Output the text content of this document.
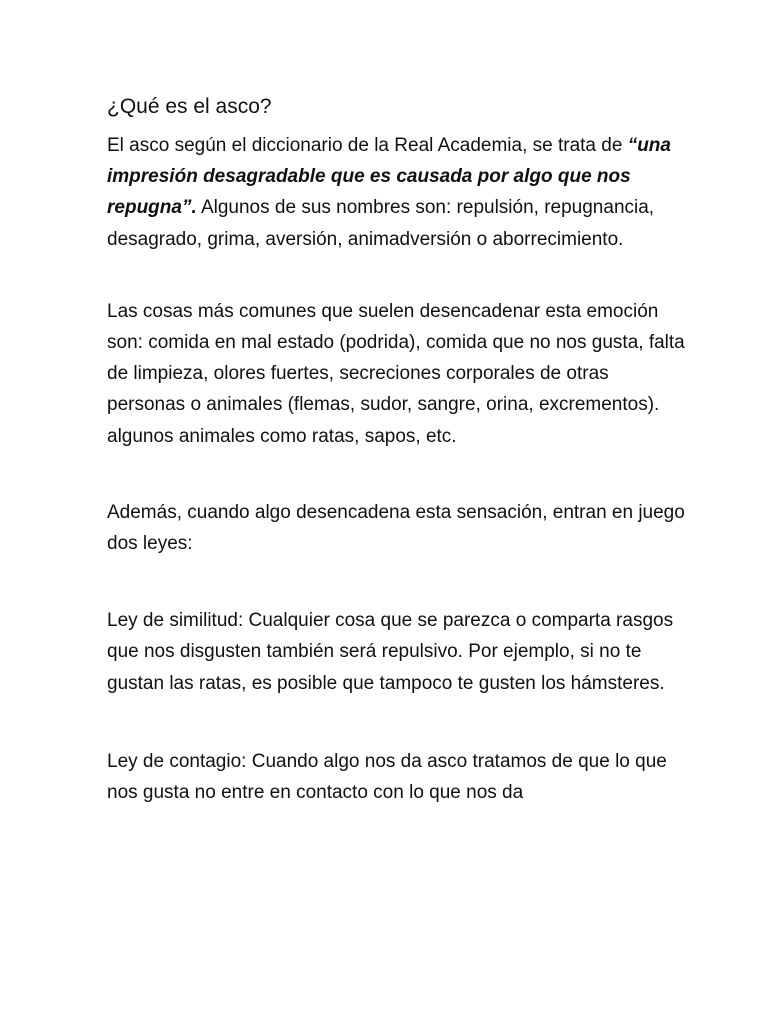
¿Qué es el asco?

El asco según el diccionario de la Real Academia, se trata de “una impresión desagradable que es causada por algo que nos repugna”. Algunos de sus nombres son: repulsión, repugnancia, desagrado, grima, aversión, animadversión o aborrecimiento.

Las cosas más comunes que suelen desencadenar esta emoción son: comida en mal estado (podrida), comida que no nos gusta, falta de limpieza, olores fuertes, secreciones corporales de otras personas o animales (flemas, sudor, sangre, orina, excrementos). algunos animales como ratas, sapos, etc.

Además, cuando algo desencadena esta sensación, entran en juego dos leyes:

Ley de similitud: Cualquier cosa que se parezca o comparta rasgos que nos disgusten también será repulsivo. Por ejemplo, si no te gustan las ratas, es posible que tampoco te gusten los hámsteres.

Ley de contagio: Cuando algo nos da asco tratamos de que lo que nos gusta no entre en contacto con lo que nos da
